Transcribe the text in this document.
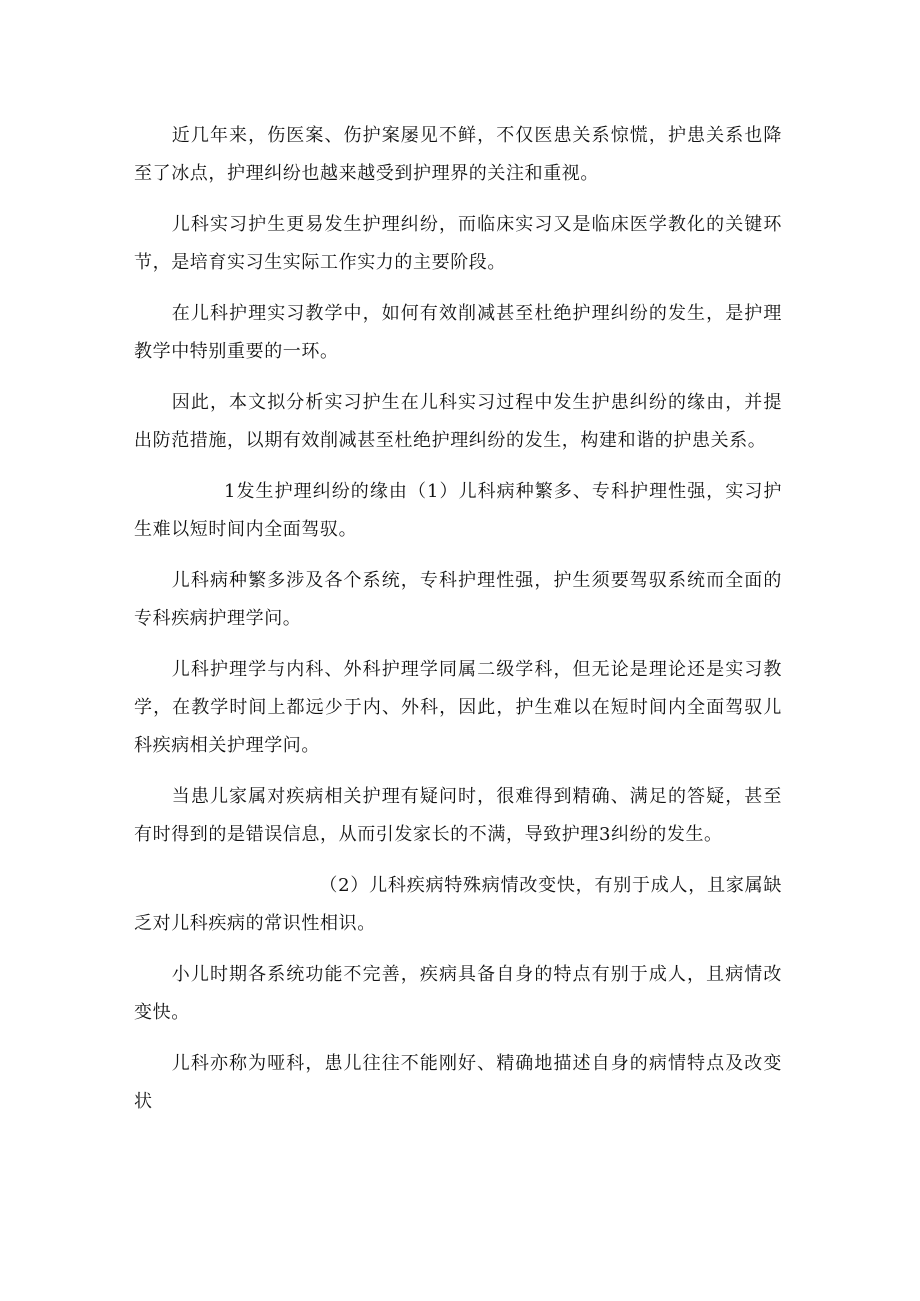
近几年来，伤医案、伤护案屡见不鲜，不仅医患关系惊慌，护患关系也降至了冰点，护理纠纷也越来越受到护理界的关注和重视。

儿科实习护生更易发生护理纠纷，而临床实习又是临床医学教化的关键环节，是培育实习生实际工作实力的主要阶段。

在儿科护理实习教学中，如何有效削减甚至杜绝护理纠纷的发生，是护理教学中特别重要的一环。

因此，本文拟分析实习护生在儿科实习过程中发生护患纠纷的缘由，并提出防范措施，以期有效削减甚至杜绝护理纠纷的发生，构建和谐的护患关系。

1发生护理纠纷的缘由（1）儿科病种繁多、专科护理性强，实习护生难以短时间内全面驾驭。

儿科病种繁多涉及各个系统，专科护理性强，护生须要驾驭系统而全面的专科疾病护理学问。

儿科护理学与内科、外科护理学同属二级学科，但无论是理论还是实习教学，在教学时间上都远少于内、外科，因此，护生难以在短时间内全面驾驭儿科疾病相关护理学问。

当患儿家属对疾病相关护理有疑问时，很难得到精确、满足的答疑，甚至有时得到的是错误信息，从而引发家长的不满，导致护理3纠纷的发生。

（2）儿科疾病特殊病情改变快，有别于成人，且家属缺乏对儿科疾病的常识性相识。

小儿时期各系统功能不完善，疾病具备自身的特点有别于成人，且病情改变快。

儿科亦称为哑科，患儿往往不能刚好、精确地描述自身的病情特点及改变状
